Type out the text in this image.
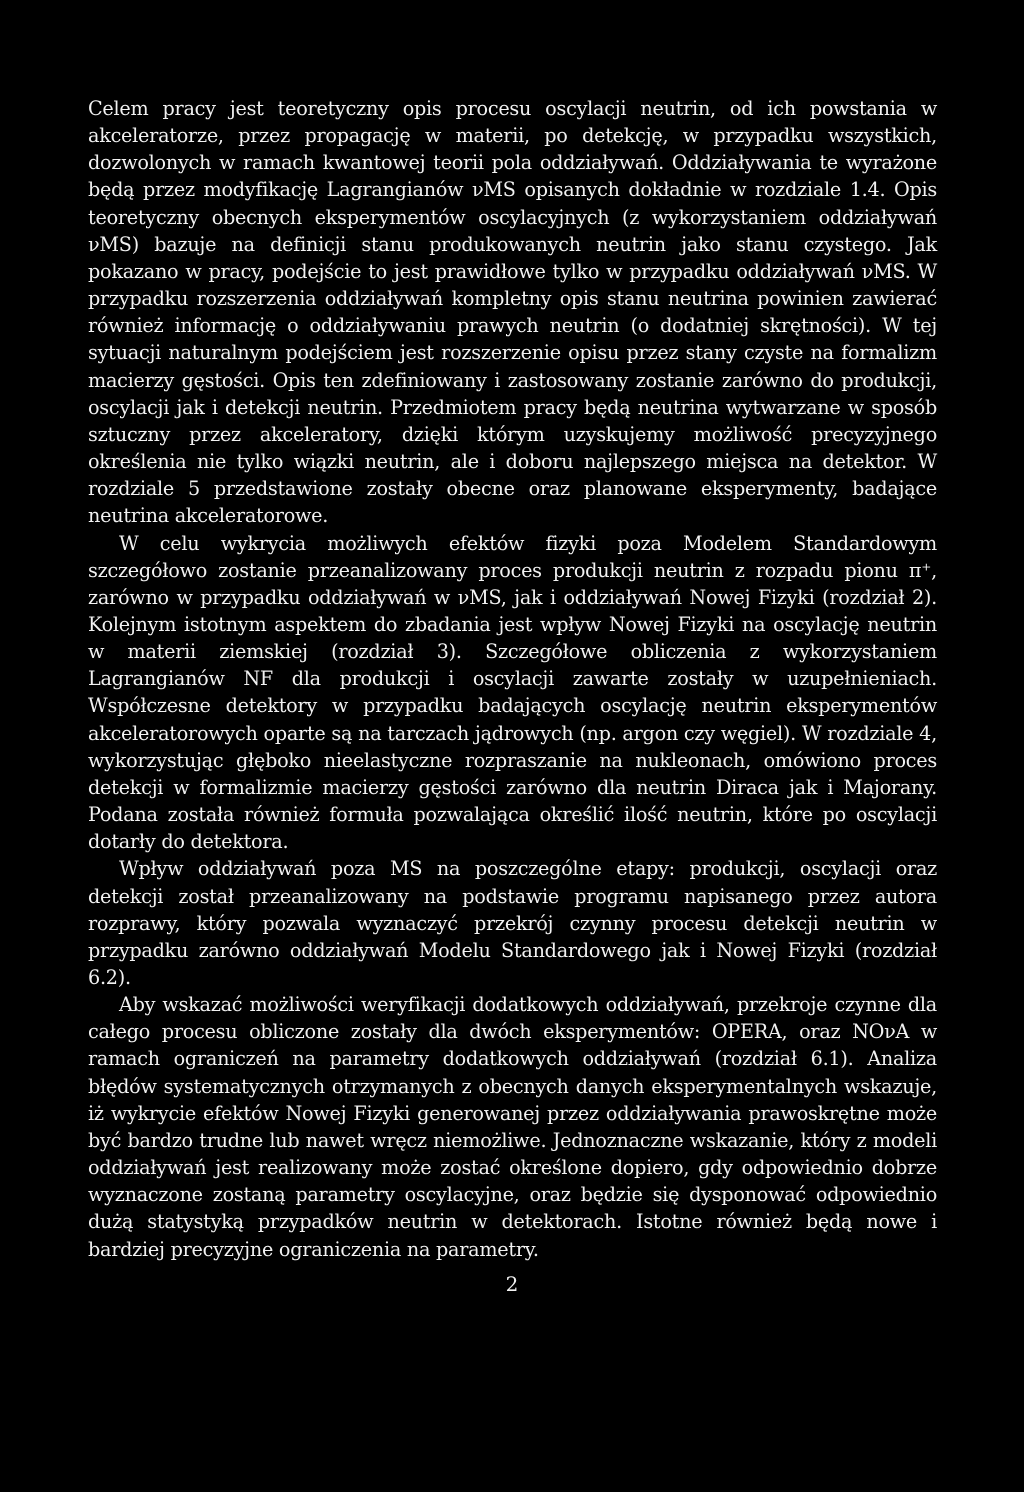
Celem pracy jest teoretyczny opis procesu oscylacji neutrin, od ich powstania w akceleratorze, przez propagację w materii, po detekcję, w przypadku wszystkich, dozwolonych w ramach kwantowej teorii pola oddziaływań. Oddziaływania te wyrażone będą przez modyfikację Lagrangianów νMS opisanych dokładnie w rozdziale 1.4. Opis teoretyczny obecnych eksperymentów oscylacyjnych (z wykorzystaniem oddziaływań νMS) bazuje na definicji stanu produkowanych neutrin jako stanu czystego. Jak pokazano w pracy, podejście to jest prawidłowe tylko w przypadku oddziaływań νMS. W przypadku rozszerzenia oddziaływań kompletny opis stanu neutrina powinien zawierać również informację o oddziaływaniu prawych neutrin (o dodatniej skrętności). W tej sytuacji naturalnym podejściem jest rozszerzenie opisu przez stany czyste na formalizm macierzy gęstości. Opis ten zdefiniowany i zastosowany zostanie zarówno do produkcji, oscylacji jak i detekcji neutrin. Przedmiotem pracy będą neutrina wytwarzane w sposób sztuczny przez akceleratory, dzięki którym uzyskujemy możliwość precyzyjnego określenia nie tylko wiązki neutrin, ale i doboru najlepszego miejsca na detektor. W rozdziale 5 przedstawione zostały obecne oraz planowane eksperymenty, badające neutrina akceleratorowe.

W celu wykrycia możliwych efektów fizyki poza Modelem Standardowym szczegółowo zostanie przeanalizowany proces produkcji neutrin z rozpadu pionu π⁺, zarówno w przypadku oddziaływań w νMS, jak i oddziaływań Nowej Fizyki (rozdział 2). Kolejnym istotnym aspektem do zbadania jest wpływ Nowej Fizyki na oscylację neutrin w materii ziemskiej (rozdział 3). Szczegółowe obliczenia z wykorzystaniem Lagrangianów NF dla produkcji i oscylacji zawarte zostały w uzupełnieniach. Współczesne detektory w przypadku badających oscylację neutrin eksperymentów akceleratorowych oparte są na tarczach jądrowych (np. argon czy węgiel). W rozdziale 4, wykorzystując głęboko nieelastyczne rozpraszanie na nukleonach, omówiono proces detekcji w formalizmie macierzy gęstości zarówno dla neutrin Diraca jak i Majorany. Podana została również formuła pozwalająca określić ilość neutrin, które po oscylacji dotarły do detektora.

Wpływ oddziaływań poza MS na poszczególne etapy: produkcji, oscylacji oraz detekcji został przeanalizowany na podstawie programu napisanego przez autora rozprawy, który pozwala wyznaczyć przekrój czynny procesu detekcji neutrin w przypadku zarówno oddziaływań Modelu Standardowego jak i Nowej Fizyki (rozdział 6.2).

Aby wskazać możliwości weryfikacji dodatkowych oddziaływań, przekroje czynne dla całego procesu obliczone zostały dla dwóch eksperymentów: OPERA, oraz NOνA w ramach ograniczeń na parametry dodatkowych oddziaływań (rozdział 6.1). Analiza błędów systematycznych otrzymanych z obecnych danych eksperymentalnych wskazuje, iż wykrycie efektów Nowej Fizyki generowanej przez oddziaływania prawoskrętne może być bardzo trudne lub nawet wręcz niemożliwe. Jednoznaczne wskazanie, który z modeli oddziaływań jest realizowany może zostać określone dopiero, gdy odpowiednio dobrze wyznaczone zostaną parametry oscylacyjne, oraz będzie się dysponować odpowiednio dużą statystyką przypadków neutrin w detektorach. Istotne również będą nowe i bardziej precyzyjne ograniczenia na parametry.

2
